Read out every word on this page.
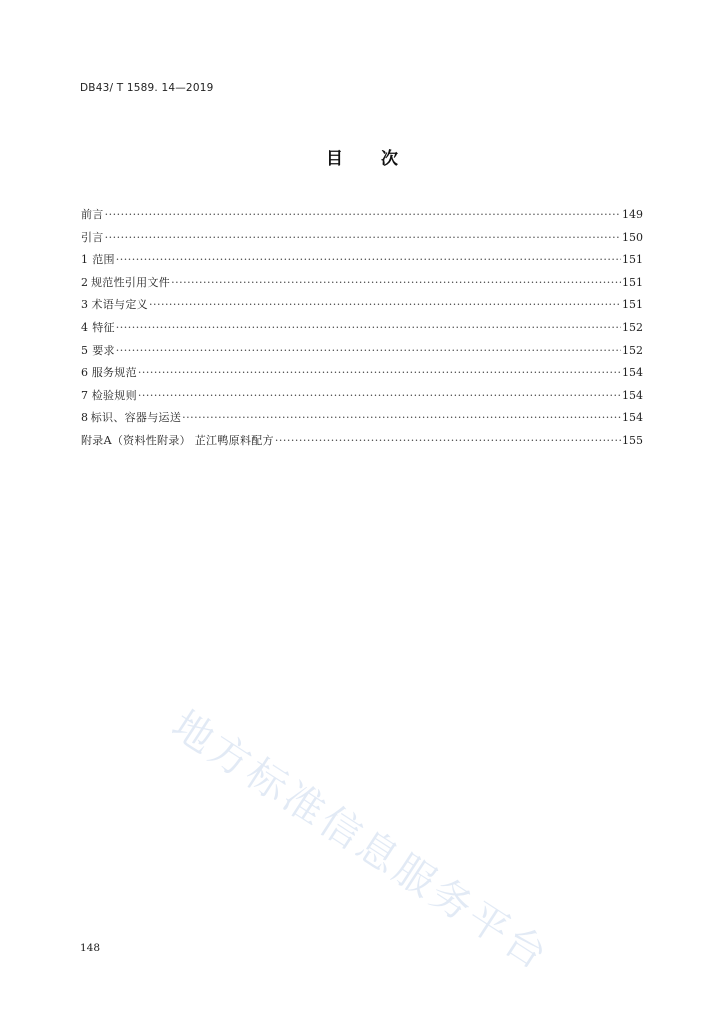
DB43/ T 1589. 14—2019
目次
前言 ·····	149
引言 ·····	150
1 范围 ·····	151
2 规范性引用文件 ·····	151
3 术语与定义 ·····	151
4 特征 ·····	152
5 要求 ·····	152
6 服务规范 ·····	154
7 检验规则 ·····	154
8 标识、容器与运送 ·····	154
附录A（资料性附录） 芷江鸭原料配方 ·····	155
地方标准信息服务平台
148
